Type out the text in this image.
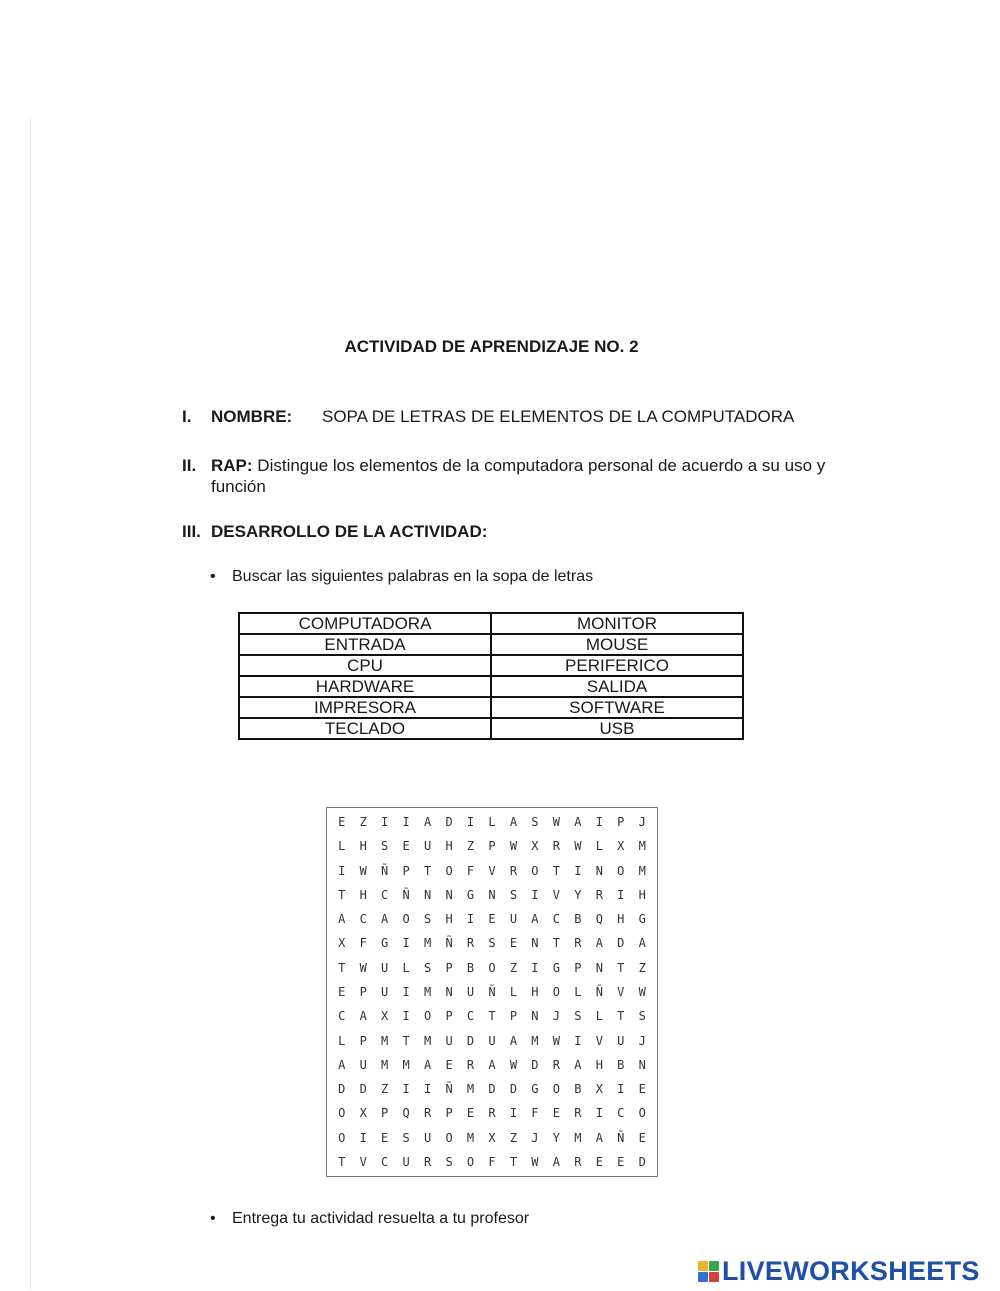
ACTIVIDAD DE APRENDIZAJE NO. 2
I. NOMBRE: SOPA DE LETRAS DE ELEMENTOS DE LA COMPUTADORA
II. RAP: Distingue los elementos de la computadora personal de acuerdo a su uso y función
III. DESARROLLO DE LA ACTIVIDAD:
• Buscar las siguientes palabras en la sopa de letras
COMPUTADORA	MONITOR
ENTRADA	MOUSE
CPU	PERIFERICO
HARDWARE	SALIDA
IMPRESORA	SOFTWARE
TECLADO	USB
E	Z	I	I	A	D	I	L	A	S	W	A	I	P	J
L	H	S	E	U	H	Z	P	W	X	R	W	L	X	M
I	W	Ñ	P	T	O	F	V	R	O	T	I	N	O	M
T	H	C	Ñ	N	N	G	N	S	I	V	Y	R	I	H
A	C	A	O	S	H	I	E	U	A	C	B	Q	H	G
X	F	G	I	M	Ñ	R	S	E	N	T	R	A	D	A
T	W	U	L	S	P	B	O	Z	I	G	P	N	T	Z
E	P	U	I	M	N	U	Ñ	L	H	O	L	Ñ	V	W
C	A	X	I	O	P	C	T	P	N	J	S	L	T	S
L	P	M	T	M	U	D	U	A	M	W	I	V	U	J
A	U	M	M	A	E	R	A	W	D	R	A	H	B	N
D	D	Z	I	I	Ñ	M	D	D	G	O	B	X	I	E
O	X	P	Q	R	P	E	R	I	F	E	R	I	C	O
O	I	E	S	U	O	M	X	Z	J	Y	M	A	Ñ	E
T	V	C	U	R	S	O	F	T	W	A	R	E	E	D
• Entrega tu actividad resuelta a tu profesor
LIVEWORKSHEETS
